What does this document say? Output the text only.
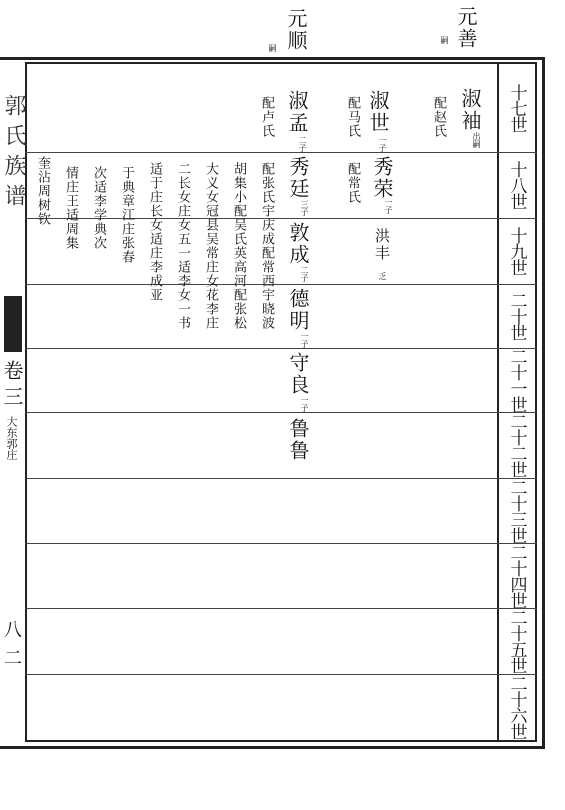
十七世
十八世
十九世
二十世
二十一世
二十二世
二十三世
二十四世
二十五世
二十六世
元善
嗣
元顺
嗣
淑袖
出嗣
配赵氏
淑世
一子
配马氏
秀荣
一子
配常氏
洪丰
乏
淑孟
二子
配卢氏
秀廷
三子
敦成
二子
德明
一子
守良
一子
鲁鲁
配张氏宇庆成配常西宇晓波
胡集小配吴氏英高河配张松
大义女冠县吴常庄女花李庄
二长女庄女五一适李女一书
适于庄长女适庄李成亚
于典章江庄张春
次适李学典次
情庄王适周集
奎沾周树钦
郭氏族谱
卷三
大东郭庄
八二
